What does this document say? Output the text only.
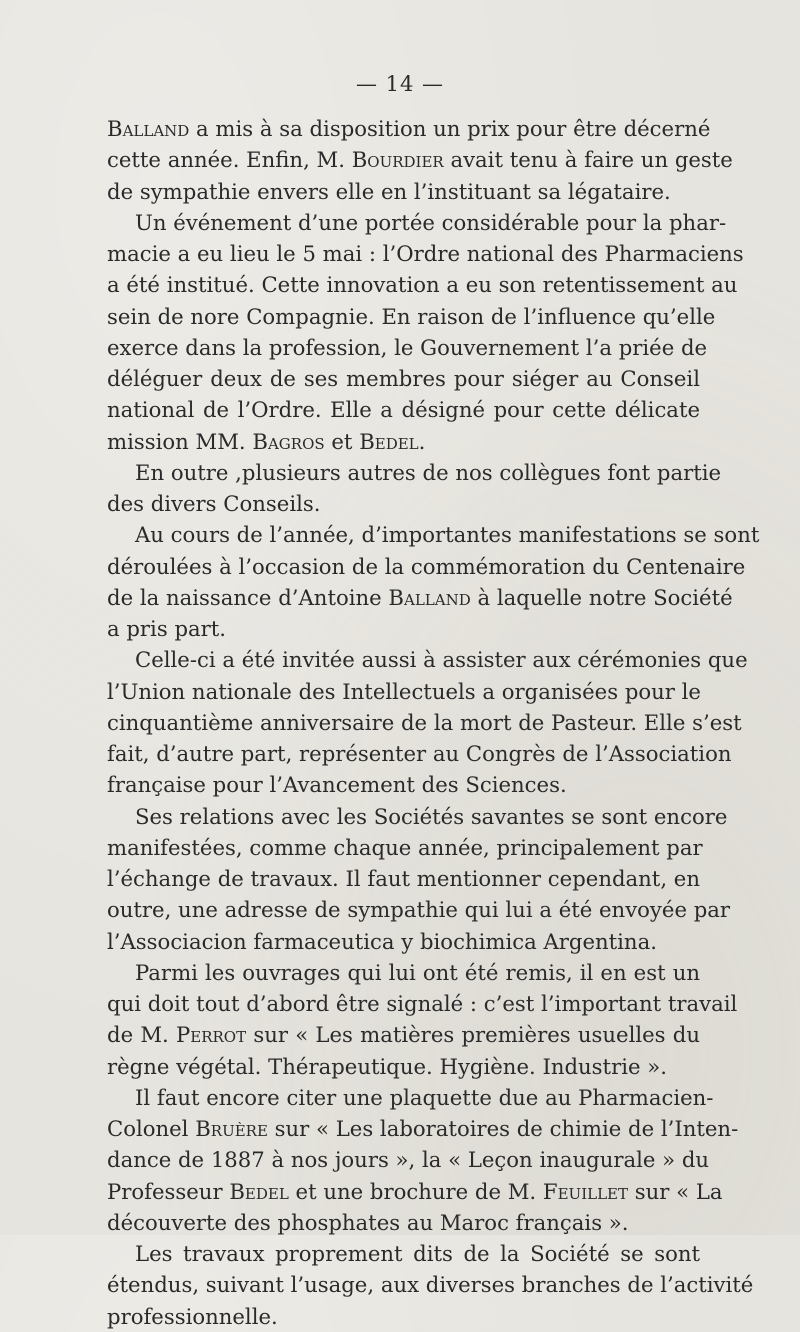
— 14 —
Balland a mis à sa disposition un prix pour être décerné
cette année. Enfin, M. Bourdier avait tenu à faire un geste
de sympathie envers elle en l’instituant sa légataire.
Un événement d’une portée considérable pour la phar-
macie a eu lieu le 5 mai : l’Ordre national des Pharmaciens
a été institué. Cette innovation a eu son retentissement au
sein de nore Compagnie. En raison de l’influence qu’elle
exerce dans la profession, le Gouvernement l’a priée de
déléguer deux de ses membres pour siéger au Conseil
national de l’Ordre. Elle a désigné pour cette délicate
mission MM. Bagros et Bedel.
En outre ,plusieurs autres de nos collègues font partie
des divers Conseils.
Au cours de l’année, d’importantes manifestations se sont
déroulées à l’occasion de la commémoration du Centenaire
de la naissance d’Antoine Balland à laquelle notre Société
a pris part.
Celle-ci a été invitée aussi à assister aux cérémonies que
l’Union nationale des Intellectuels a organisées pour le
cinquantième anniversaire de la mort de Pasteur. Elle s’est
fait, d’autre part, représenter au Congrès de l’Association
française pour l’Avancement des Sciences.
Ses relations avec les Sociétés savantes se sont encore
manifestées, comme chaque année, principalement par
l’échange de travaux. Il faut mentionner cependant, en
outre, une adresse de sympathie qui lui a été envoyée par
l’Associacion farmaceutica y biochimica Argentina.
Parmi les ouvrages qui lui ont été remis, il en est un
qui doit tout d’abord être signalé : c’est l’important travail
de M. Perrot sur « Les matières premières usuelles du
règne végétal. Thérapeutique. Hygiène. Industrie ».
Il faut encore citer une plaquette due au Pharmacien-
Colonel Bruère sur « Les laboratoires de chimie de l’Inten-
dance de 1887 à nos jours », la « Leçon inaugurale » du
Professeur Bedel et une brochure de M. Feuillet sur « La
découverte des phosphates au Maroc français ».
Les travaux proprement dits de la Société se sont
étendus, suivant l’usage, aux diverses branches de l’activité
professionnelle.
